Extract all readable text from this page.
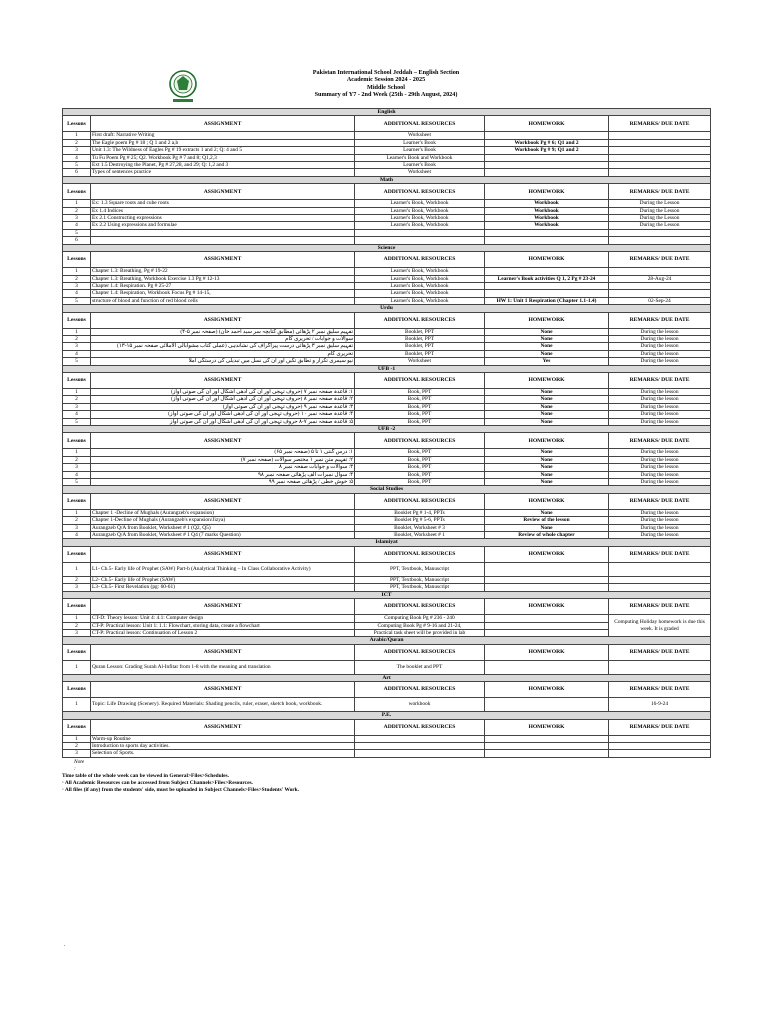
Pakistan International School Jeddah – English Section
Academic Session 2024 - 2025
Middle School
Summary of Y7 - 2nd Week (25th - 29th August, 2024)
English				
Lessons	ASSIGNMENT	ADDITIONAL RESOURCES	HOMEWORK	REMARKS/ DUE DATE
1	First draft: Narrative Writing	Worksheet		
2	The Eagle poem Pg # 18 ; Q 1 and 2 a,b	Learner's Book	Workbook Pg # 6; Q1 and 2	
3	Unit 1.3: The Wildness of Eagles Pg # 19 extracts 1 and 2; Q: 4 and 5	Learner's Book	Workbook Pg # 9; Q1 and 2	
4	Tu Fu Poem Pg # 25; Q2. Workbook Pg # 7 and 8; Q1,2,3	Learner's Book and Workbook		
5	Ext 1.5 Destroying the Planet, Pg # 27,28, and 29; Q: 1,2 and 3	Learner's Book		
6	Types of sentences practice	Worksheet		
Math				
Lessons	ASSIGNMENT	ADDITIONAL RESOURCES	HOMEWORK	REMARKS/ DUE DATE
1	Ex: 1.3 Square roots and cube roots	Learner's Book, Workbook	Workbook	During the Lesson
2	Ex 1.4 Indices	Learner's Book, Workbook	Workbook	During the Lesson
3	Ex 2.1 Constructing expressions	Learner's Book, Workbook	Workbook	During the Lesson
4	Ex 2.2 Using expressions and formulae	Learner's Book, Workbook	Workbook	During the Lesson
5				
6				
Science				
Lessons	ASSIGNMENT	ADDITIONAL RESOURCES	HOMEWORK	REMARKS/ DUE DATE
1	Chapter 1.3: Breathing, Pg # 19-22	Learner's Book, Workbook		
2	Chapter 1.3: Breathing, Workbook Exercise 1.3 Pg # 12-13	Learner's Book, Workbook	Learner's Book activities Q 1, 2 Pg # 23-24	28-Aug-24
3	Chapter 1.4: Respiration. Pg # 25-27	Learner's Book, Workbook		
4	Chapter 1.4: Respiration, Workbook Focus Pg # 14-15,	Learner's Book, Workbook		
5	structure of blood and function of red blood cells	Learner's Book, Workbook	HW 1: Unit 1 Respiration (Chapter 1.1-1.4)	02-Sep-24
Urdu				
Lessons	ASSIGNMENT	ADDITIONAL RESOURCES	HOMEWORK	REMARKS/ DUE DATE
1	تفہیم سلیق نمبر ۲ پڑھائی (مطابق کتابچہ سر سید احمد خان) (صفحہ نمبر ۵-۴)	Booklet, PPT	None	During the lesson
2	سوالات و جوابات / تحریری کام	Booklet, PPT	None	During the lesson
3	تفہیم سلیق نمبر ۳ پڑھائی درست پیراگراف کی نشاندہی (عملی کتاب مشوابالی الاملائی صفحہ نمبر ۱۵-۱۳)	Booklet, PPT	None	During the lesson
4	تحریری کام	Booklet, PPT	None	During the lesson
5	نیو سیمری تکرار و تطابق تکیں اور ان کی نسل میں تبدیلی کی درستگی املا	Worksheet	Yes	During the lesson
UFB -1				
Lessons	ASSIGNMENT	ADDITIONAL RESOURCES	HOMEWORK	REMARKS/ DUE DATE
1	۱: قاعدہ صفحہ نمبر ۷ (حروف تہجی اور ان کی آدھی اشکال اور ان کی صوتی آواز)	Book, PPT	None	During the lesson
2	۲: قاعدہ صفحہ نمبر ۸ (حروف تہجی اور ان کی آدھی اشکال اور ان کی صوتی آواز)	Book, PPT	None	During the lesson
3	۳: قاعدہ صفحہ نمبر ۹ (حروف تہجی اور ان کی صوتی آواز)	Book, PPT	None	During the lesson
4	۴: قاعدہ صفحہ نمبر ۱۰ (حروف تہجی اور ان کی آدھی اشکال اور ان کی صوتی آواز)	Book, PPT	None	During the lesson
5	۵: قاعدہ صفحہ نمبر ۷-۸ حروف تہجی اور ان کی آدھی اشکال اور ان کی صوتی آواز	Book, PPT	None	During the lesson
UFB -2				
Lessons	ASSIGNMENT	ADDITIONAL RESOURCES	HOMEWORK	REMARKS/ DUE DATE
1	۱: درس گنتی ۱ تا ۵ (صفحہ نمبر ۶۵)	Book, PPT	None	During the lesson
2	۲: تفہیم متن نمبر ۱ مختصر سوالات (صفحہ نمبر ۷)	Book, PPT	None	During the lesson
3	۳: سوالات و جوابات صفحہ نمبر ۸	Book, PPT	None	During the lesson
4	۴: سوال نمبرات الف پڑھائی صفحہ نمبر ۹۸	Book, PPT	None	During the lesson
5	۵: خوش خطی / پڑھائی صفحہ نمبر ۹۹	Book, PPT	None	During the lesson
Social Studies				
Lessons	ASSIGNMENT	ADDITIONAL RESOURCES	HOMEWORK	REMARKS/ DUE DATE
1	Chapter 1 -Decline of Mughals (Aurangzeb's expansion)	Booklet Pg # 1-4, PPTs	None	During the lesson
2	Chapter 1-Decline of Mughals (Aurangzeb's expansion/Jizya)	Booklet Pg # 5-6, PPTs	Review of the lesson	During the lesson
3	Aurangzeb Q/A from Booklet, Worksheet # 1 (Q2, Q5)	Booklet, Worksheet # 3	None	During the lesson
4	Aurangzeb Q/A from Booklet, Worksheet # 1 Q4 (7 marks Question)	Booklet, Worksheet # 1	Review of whole chapter	During the lesson
Islamiyat				
Lessons	ASSIGNMENT	ADDITIONAL RESOURCES	HOMEWORK	REMARKS/ DUE DATE
1	L1- Ch.5- Early life of Prophet (SAW) Part-b (Analytical Thinking – In Class Collaborative Activity)	PPT, Textbook, Manuscript		
2	L2- Ch.5- Early life of Prophet (SAW)	PPT, Textbook, Manuscript		
3	L3- Ch.5- First Revelation (pg: 60-61)	PPT, Textbook, Manuscript		
ICT				
Lessons	ASSIGNMENT	ADDITIONAL RESOURCES	HOMEWORK	REMARKS/ DUE DATE
1	CT-D: Theory lesson: Unit 4: 4.1: Computer design	Computing Book Pg # 236 - 240		Computing Holiday homework is due this week. It is graded
2	CT-P: Practical lesson: Unit 1: 1.1: Flowchart, storing data, create a flowchart	Computing Book Pg # 9-16 and 21-24,		
3	CT-P: Practical lesson: Continuation of Lesson 2	Practical task sheet will be provided in lab		
Arabic/Quran				
Lessons	ASSIGNMENT	ADDITIONAL RESOURCES	HOMEWORK	REMARKS/ DUE DATE
1	Quran Lesson: Grading Surah Al-Infitar from 1-8 with the meaning and translation	The booklet and PPT		
Art				
Lessons	ASSIGNMENT	ADDITIONAL RESOURCES	HOMEWORK	REMARKS/ DUE DATE
1	Topic: Life Drawing (Scenery). Required Materials: Shading pencils, ruler, eraser, sketch book, workbook.	workbook		16-9-24
P.E.				
Lessons	ASSIGNMENT	ADDITIONAL RESOURCES	HOMEWORK	REMARKS/ DUE DATE
1	Warm-up Routine			
2	Introduction to sports day activities.			
3	Selection of Sports.			
Note
:
Time table of the whole week can be viewed in General>Files>Schedules.
· All Academic Resources can be accessed from Subject Channels>Files>Resources.
· All files (if any) from the students' side, must be uploaded in Subject Channels>Files>Students' Work.
.
